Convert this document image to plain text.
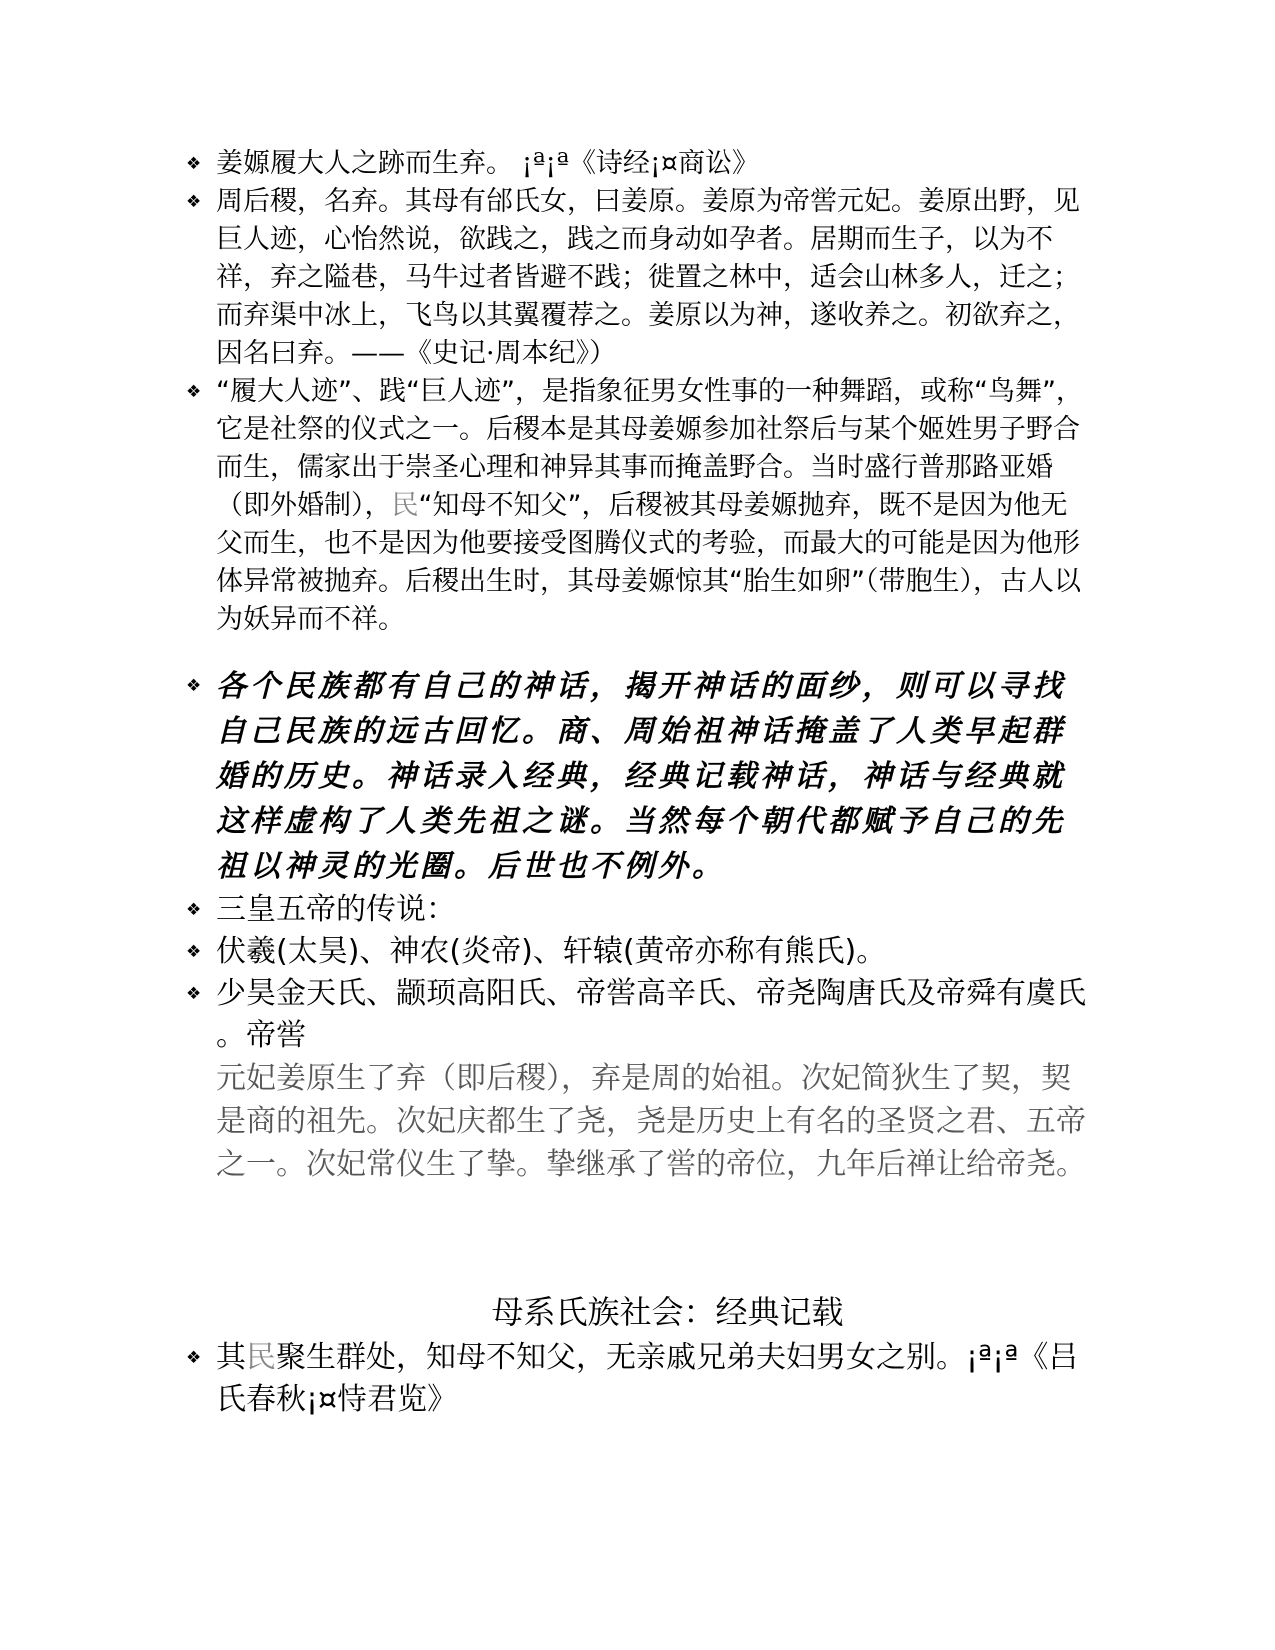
❖ 姜嫄履大人之跡而生弃。 ¡ª¡ª《诗经¡¤商讼》

❖ 周后稷，名弃。其母有邰氏女，曰姜原。姜原为帝喾元妃。姜原出野，见巨人迹，心怡然说，欲践之，践之而身动如孕者。居期而生子，以为不祥，弃之隘巷，马牛过者皆避不践；徙置之林中，适会山林多人，迁之；而弃渠中冰上，飞鸟以其翼覆荐之。姜原以为神，遂收养之。初欲弃之，因名曰弃。——《史记·周本纪》）

❖ “履大人迹”、践“巨人迹”，是指象征男女性事的一种舞蹈，或称“鸟舞”，它是社祭的仪式之一。后稷本是其母姜嫄参加社祭后与某个姬姓男子野合而生，儒家出于崇圣心理和神异其事而掩盖野合。当时盛行普那路亚婚（即外婚制），民“知母不知父”，后稷被其母姜嫄抛弃，既不是因为他无父而生，也不是因为他要接受图腾仪式的考验，而最大的可能是因为他形体异常被抛弃。后稷出生时，其母姜嫄惊其“胎生如卵”（带胞生），古人以为妖异而不祥。

❖ 各个民族都有自己的神话，揭开神话的面纱，则可以寻找自己民族的远古回忆。商、周始祖神话掩盖了人类早起群婚的历史。神话录入经典，经典记载神话，神话与经典就这样虚构了人类先祖之谜。当然每个朝代都赋予自己的先祖以神灵的光圈。后世也不例外。

❖ 三皇五帝的传说：

❖ 伏羲(太昊)、神农(炎帝)、轩辕(黄帝亦称有熊氏)。

❖ 少昊金天氏、颛顼高阳氏、帝喾高辛氏、帝尧陶唐氏及帝舜有虞氏 。帝喾

元妃姜原生了弃（即后稷），弃是周的始祖。次妃简狄生了契，契是商的祖先。次妃庆都生了尧，尧是历史上有名的圣贤之君、五帝之一。次妃常仪生了挚。挚继承了喾的帝位，九年后禅让给帝尧。

母系氏族社会：经典记载
❖ 其民聚生群处，知母不知父，无亲戚兄弟夫妇男女之别。¡ª¡ª《吕氏春秋¡¤恃君览》
